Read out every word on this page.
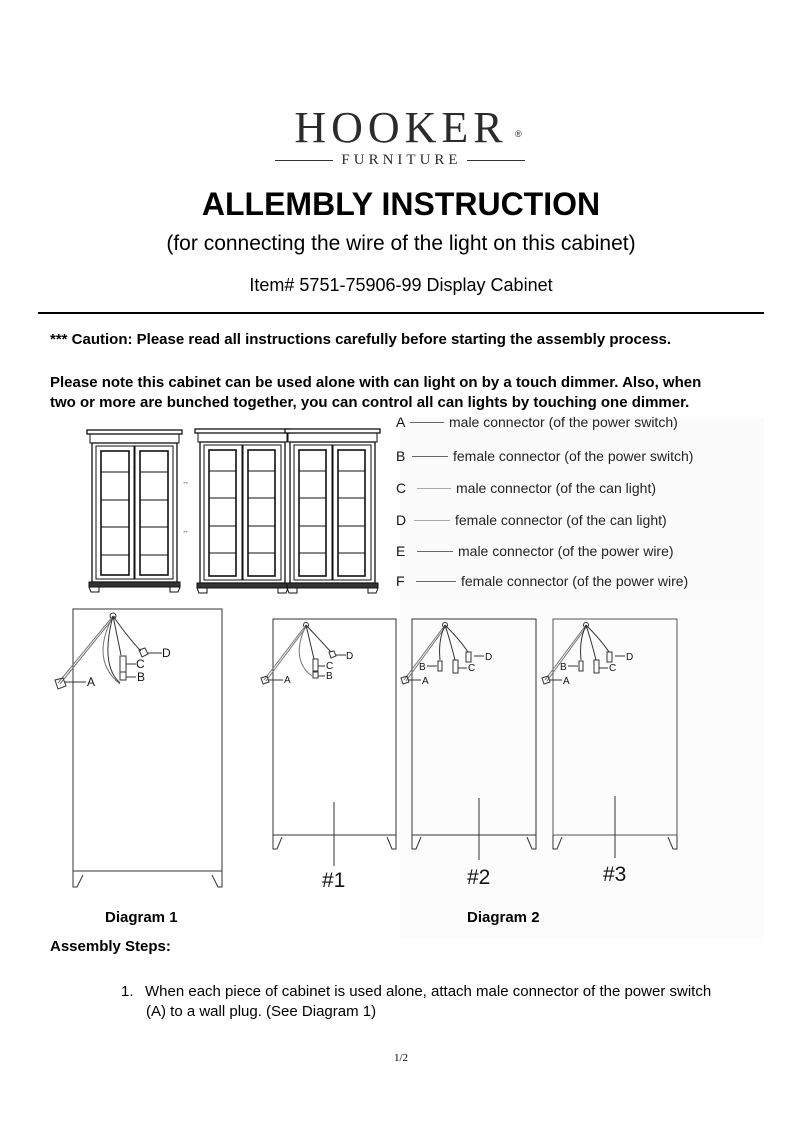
HOOKER ®
FURNITURE
ALLEMBLY INSTRUCTION
(for connecting the wire of the light on this cabinet)
Item# 5751-75906-99 Display Cabinet
*** Caution: Please read all instructions carefully before starting the assembly process.
Please note this cabinet can be used alone with can light on by a touch dimmer. Also, when
two or more are bunched together, you can control all can lights by touching one dimmer.
↔
↔
A	B
C
D
A	B
C
D
A
B	C
D
A
B	C
D
#1	#2	#3
A	male connector (of the power switch)
B	female connector (of the power switch)
C	male connector (of the can light)
D	female connector (of the can light)
E	male connector (of the power wire)
F	female connector (of the power wire)
Diagram 1	Diagram 2
Assembly Steps:
1. When each piece of cabinet is used alone, attach male connector of the power switch
(A) to a wall plug. (See Diagram 1)
1/2
